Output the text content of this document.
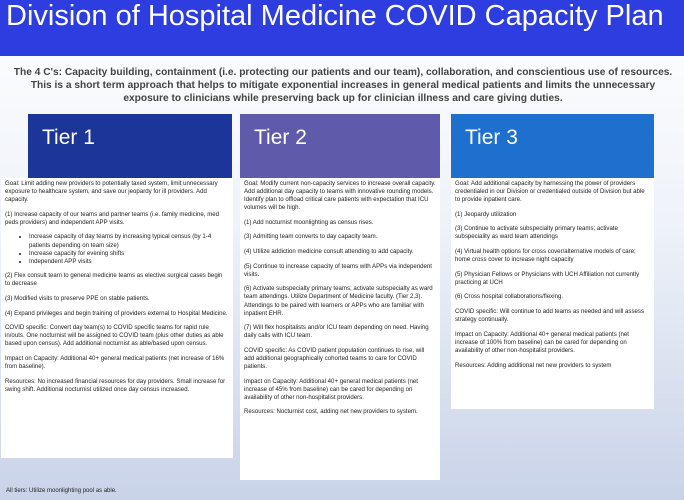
Division of Hospital Medicine COVID Capacity Plan
The 4 C's: Capacity building, containment (i.e. protecting our patients and our team), collaboration, and conscientious use of resources. This is a short term approach that helps to mitigate exponential increases in general medical patients and limits the unnecessary exposure to clinicians while preserving back up for clinician illness and care giving duties.
Tier 1	Tier 2	Tier 3

Goal: Limit adding new providers to potentially taxed system, limit unnecessary exposure to healthcare system, and save our jeopardy for ill providers. Add capacity.

(1) Increase capacity of our teams and partner teams (i.e. family medicine, med peds providers) and independent APP visits.

• Increase capacity of day teams by increasing typical census (by 1-4 patients depending on team size)
• Increase capacity for evening shifts
• Independent APP visits

(2) Flex consult team to general medicine teams as elective surgical cases begin to decrease

(3) Modified visits to preserve PPE on stable patients.

(4) Expand privileges and begin training of providers external to Hospital Medicine.

COVID specific: Convert day team(s) to COVID specific teams for rapid rule in/outs. One nocturnist will be assigned to COVID team (plus other duties as able based upon census). Add additional nocturnist as able/based upon census.

Impact on Capacity: Additional 40+ general medical patients (net increase of 16% from baseline).

Resources: No increased financial resources for day providers. Small increase for swing shift. Additional nocturnist utilized once day census increased.

Goal: Modify current non-capacity services to increase overall capacity. Add additional day capacity to teams with innovative rounding models. Identify plan to offload critical care patients with expectation that ICU volumes will be high.

(1) Add nocturnist moonlighting as census rises.

(3) Admitting team converts to day capacity team.

(4) Utilize addiction medicine consult attending to add capacity.

(5) Continue to increase capacity of teams with APPs via independent visits.

(6) Activate subspecialty primary teams; activate subspecialty as ward team attendings. Utilize Department of Medicine faculty. (Tier 2,3). Attendings to be paired with learners or APPs who are familiar with inpatient EHR.

(7) Will flex hospitalists and/or ICU team depending on need. Having daily calls with ICU team.

COVID specific: As COVID patient population continues to rise, will add additional geographically cohorted teams to care for COVID patients.

Impact on Capacity: Additional 40+ general medical patients (net increase of 45% from baseline) can be cared for depending on availability of other non-hospitalist providers.

Resources: Nocturnist cost, adding net new providers to system.

Goal: Add additional capacity by harnessing the power of providers credentialed in our Division or credentialed outside of Division but able to provide inpatient care.

(1) Jeopardy utilization

(3) Continue to activate subspecialty primary teams; activate subspeciality as ward team attendings

(4) Virtual health options for cross cover/alternative models of care; home cross cover to increase night capacity

(5) Physician Fellows or Physicians with UCH Affiliation not currently practicing at UCH

(6) Cross hospital collaborations/flexing.

COVID specific: Will continue to add teams as needed and will assess strategy continually.

Impact on Capacity: Additional 40+ general medical patients (net increase of 100% from baseline) can be cared for depending on availability of other non-hospitalist providers.

Resources: Adding additional net new providers to system

All tiers: Utilize moonlighting pool as able.
